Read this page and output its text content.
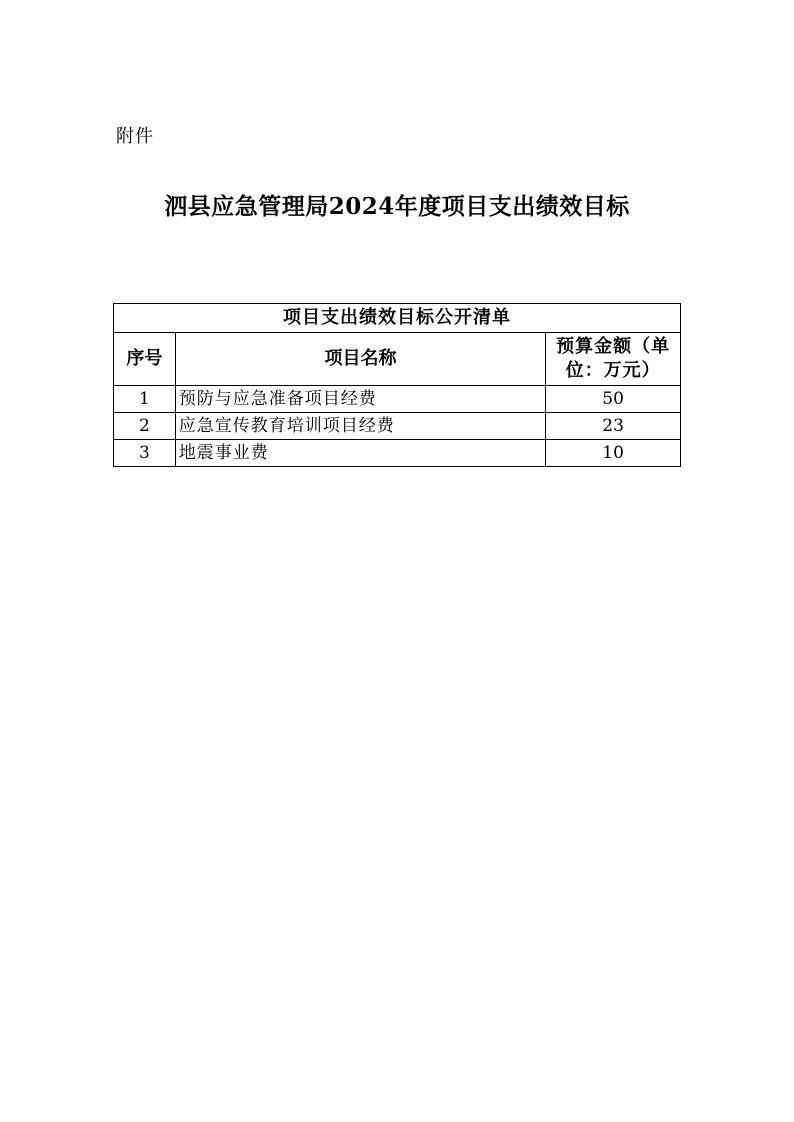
附件
泗县应急管理局2024年度项目支出绩效目标
项目支出绩效目标公开清单		
序号	项目名称	预算金额（单位：万元）
1	预防与应急准备项目经费	50
2	应急宣传教育培训项目经费	23
3	地震事业费	10
